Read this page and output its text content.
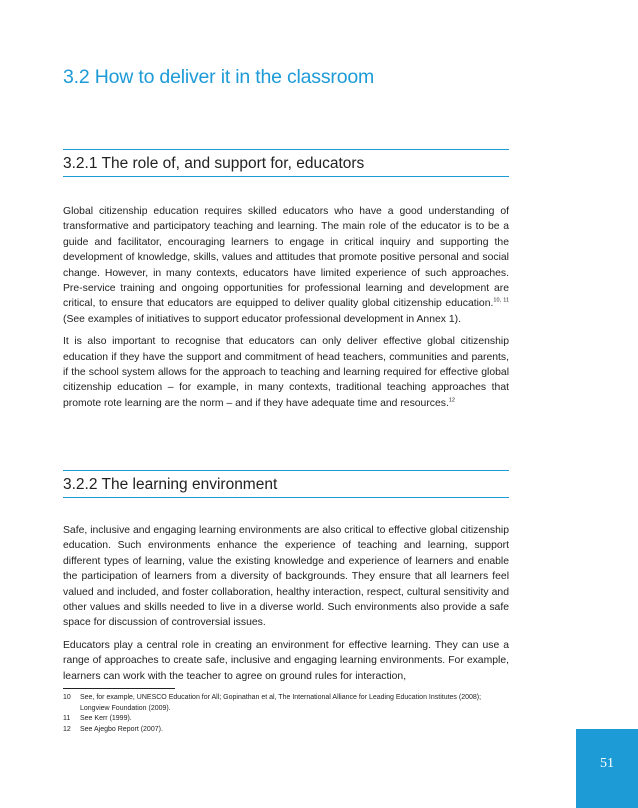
3.2 How to deliver it in the classroom
3.2.1 The role of, and support for, educators

Global citizenship education requires skilled educators who have a good understanding of transformative and participatory teaching and learning. The main role of the educator is to be a guide and facilitator, encouraging learners to engage in critical inquiry and supporting the development of knowledge, skills, values and attitudes that promote positive personal and social change. However, in many contexts, educators have limited experience of such approaches. Pre-service training and ongoing opportunities for professional learning and development are critical, to ensure that educators are equipped to deliver quality global citizenship education.$^{10, 11}$ (See examples of initiatives to support educator professional development in Annex 1).

It is also important to recognise that educators can only deliver effective global citizenship education if they have the support and commitment of head teachers, communities and parents, if the school system allows for the approach to teaching and learning required for effective global citizenship education – for example, in many contexts, traditional teaching approaches that promote rote learning are the norm – and if they have adequate time and resources.$^{12}$

3.2.2 The learning environment

Safe, inclusive and engaging learning environments are also critical to effective global citizenship education. Such environments enhance the experience of teaching and learning, support different types of learning, value the existing knowledge and experience of learners and enable the participation of learners from a diversity of backgrounds. They ensure that all learners feel valued and included, and foster collaboration, healthy interaction, respect, cultural sensitivity and other values and skills needed to live in a diverse world. Such environments also provide a safe space for discussion of controversial issues.

Educators play a central role in creating an environment for effective learning. They can use a range of approaches to create safe, inclusive and engaging learning environments. For example, learners can work with the teacher to agree on ground rules for interaction,

10	See, for example, UNESCO Education for All; Gopinathan et al, The International Alliance for Leading Education Institutes (2008); Longview Foundation (2009).
11	See Kerr (1999).
12	See Ajegbo Report (2007).
51
